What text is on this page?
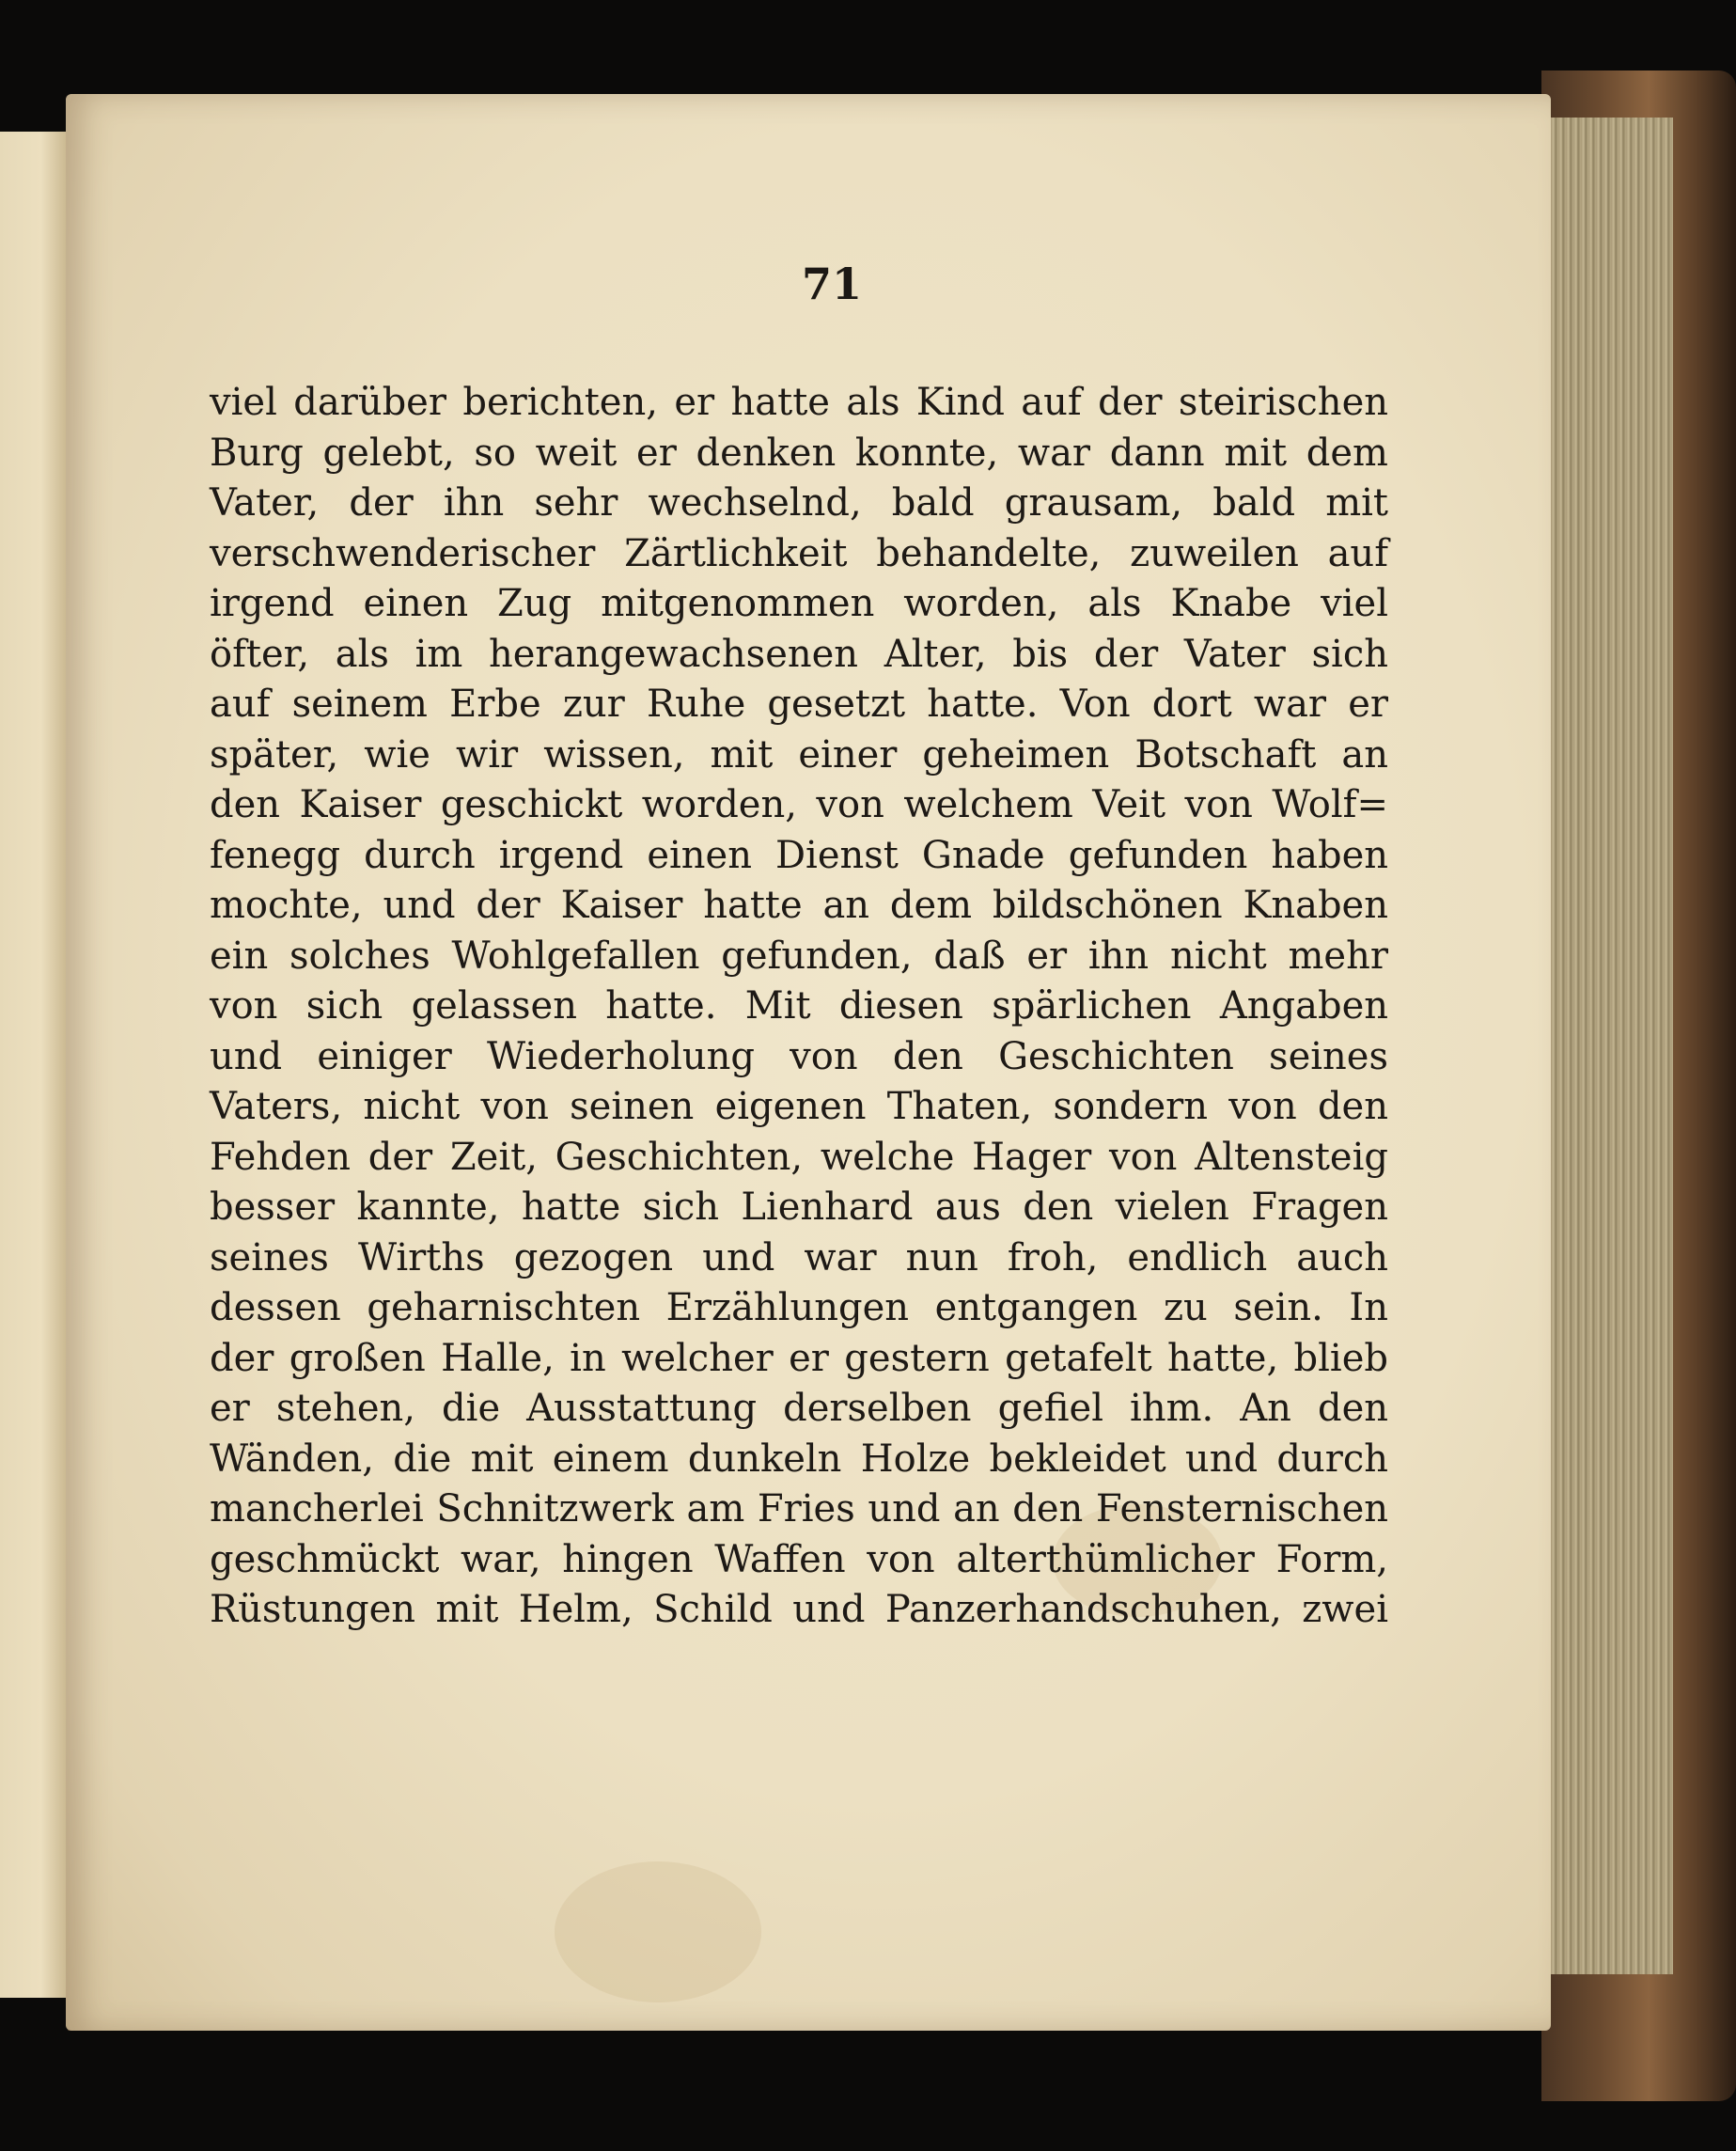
71
viel darüber berichten, er hatte als Kind auf der steirischen
Burg gelebt, so weit er denken konnte, war dann mit dem
Vater, der ihn sehr wechselnd, bald grausam, bald mit
verschwenderischer Zärtlichkeit behandelte, zuweilen auf
irgend einen Zug mitgenommen worden, als Knabe viel
öfter, als im herangewachsenen Alter, bis der Vater sich
auf seinem Erbe zur Ruhe gesetzt hatte. Von dort war er
später, wie wir wissen, mit einer geheimen Botschaft an
den Kaiser geschickt worden, von welchem Veit von Wolf=
fenegg durch irgend einen Dienst Gnade gefunden haben
mochte, und der Kaiser hatte an dem bildschönen Knaben
ein solches Wohlgefallen gefunden, daß er ihn nicht mehr
von sich gelassen hatte. Mit diesen spärlichen Angaben
und einiger Wiederholung von den Geschichten seines
Vaters, nicht von seinen eigenen Thaten, sondern von den
Fehden der Zeit, Geschichten, welche Hager von Altensteig
besser kannte, hatte sich Lienhard aus den vielen Fragen
seines Wirths gezogen und war nun froh, endlich auch
dessen geharnischten Erzählungen entgangen zu sein. In
der großen Halle, in welcher er gestern getafelt hatte, blieb
er stehen, die Ausstattung derselben gefiel ihm. An den
Wänden, die mit einem dunkeln Holze bekleidet und durch
mancherlei Schnitzwerk am Fries und an den Fensternischen
geschmückt war, hingen Waffen von alterthümlicher Form,
Rüstungen mit Helm, Schild und Panzerhandschuhen, zwei
